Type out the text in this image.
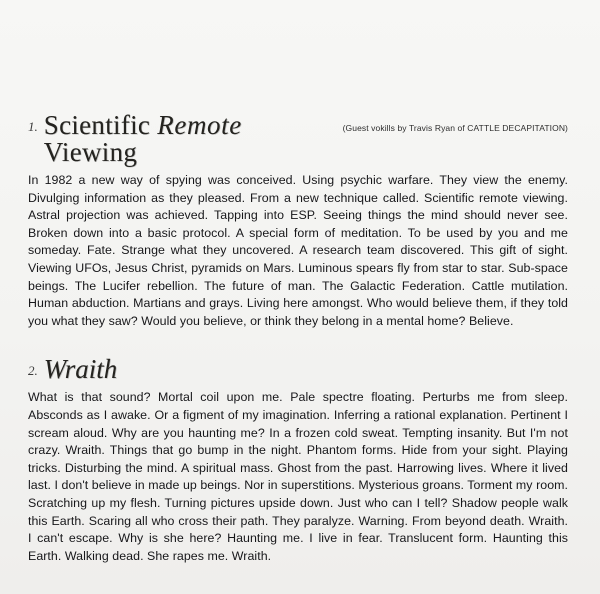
1. Scientific Remote Viewing
(Guest vokills by Travis Ryan of CATTLE DECAPITATION)
In 1982 a new way of spying was conceived. Using psychic warfare. They view the enemy. Divulging information as they pleased. From a new technique called. Scientific remote viewing. Astral projection was achieved. Tapping into ESP. Seeing things the mind should never see. Broken down into a basic protocol. A special form of meditation. To be used by you and me someday. Fate. Strange what they uncovered. A research team discovered. This gift of sight. Viewing UFOs, Jesus Christ, pyramids on Mars. Luminous spears fly from star to star. Sub-space beings. The Lucifer rebellion. The future of man. The Galactic Federation. Cattle mutilation. Human abduction. Martians and grays. Living here amongst. Who would believe them, if they told you what they saw? Would you believe, or think they belong in a mental home? Believe.
2. Wraith
What is that sound? Mortal coil upon me. Pale spectre floating. Perturbs me from sleep. Absconds as I awake. Or a figment of my imagination. Inferring a rational explanation. Pertinent I scream aloud. Why are you haunting me? In a frozen cold sweat. Tempting insanity. But I'm not crazy. Wraith. Things that go bump in the night. Phantom forms. Hide from your sight. Playing tricks. Disturbing the mind. A spiritual mass. Ghost from the past. Harrowing lives. Where it lived last. I don't believe in made up beings. Nor in superstitions. Mysterious groans. Torment my room. Scratching up my flesh. Turning pictures upside down. Just who can I tell? Shadow people walk this Earth. Scaring all who cross their path. They paralyze. Warning. From beyond death. Wraith. I can't escape. Why is she here? Haunting me. I live in fear. Translucent form. Haunting this Earth. Walking dead. She rapes me. Wraith.
